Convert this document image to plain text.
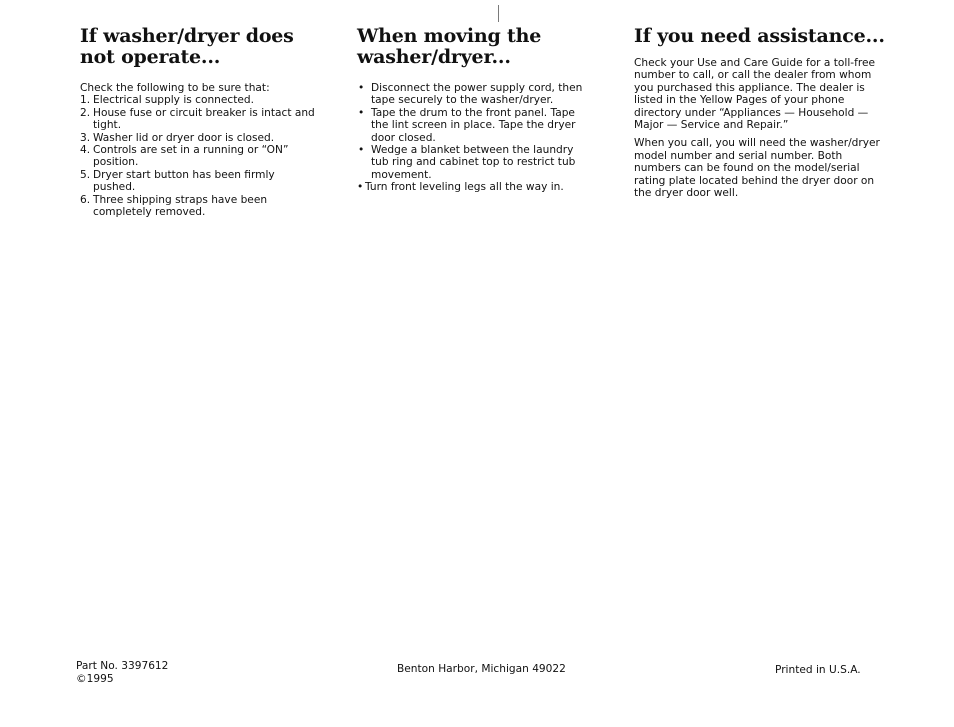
If washer/dryer does not operate...

Check the following to be sure that:

1. Electrical supply is connected.
2. House fuse or circuit breaker is intact and tight.
3. Washer lid or dryer door is closed.
4. Controls are set in a running or “ON” position.
5. Dryer start button has been firmly pushed.
6. Three shipping straps have been completely removed.
When moving the washer/dryer...
• Disconnect the power supply cord, then tape securely to the washer/dryer.
• Tape the drum to the front panel. Tape the lint screen in place. Tape the dryer door closed.
• Wedge a blanket between the laundry tub ring and cabinet top to restrict tub movement.
• Turn front leveling legs all the way in.
If you need assistance...

Check your Use and Care Guide for a toll-free number to call, or call the dealer from whom you purchased this appliance. The dealer is listed in the Yellow Pages of your phone directory under “Appliances — Household — Major — Service and Repair.”

When you call, you will need the washer/dryer model number and serial number. Both numbers can be found on the model/serial rating plate located behind the dryer door on the dryer door well.

Part No. 3397612
©1995
Benton Harbor, Michigan 49022	Printed in U.S.A.
